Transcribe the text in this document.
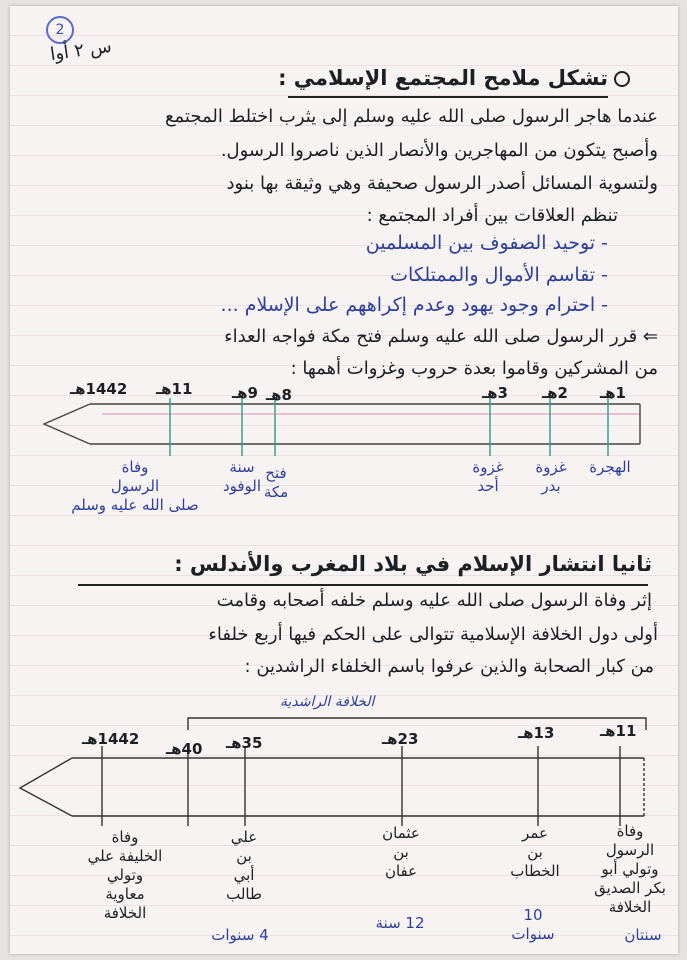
2
س ٢ أوا
تشكل ملامح المجتمع الإسلامي :
عندما هاجر الرسول صلى الله عليه وسلم إلى يثرب اختلط المجتمع
وأصبح يتكون من المهاجرين والأنصار الذين ناصروا الرسول.
ولتسوية المسائل أصدر الرسول صحيفة وهي وثيقة بها بنود
تنظم العلاقات بين أفراد المجتمع :
- توحيد الصفوف بين المسلمين
- تقاسم الأموال والممتلكات
- احترام وجود يهود وعدم إكراههم على الإسلام ...
⇐ قرر الرسول صلى الله عليه وسلم فتح مكة فواجه العداء
من المشركين وقاموا بعدة حروب وغزوات أهمها :
1442هـ 11هـ	9هـ 8هـ	3هـ 2هـ 1هـ
وفاة
الرسول
صلى الله عليه وسلم
سنة
الوفود
فتح
مكة
غزوة
أحد
غزوة
بدر
الهجرة
ثانيا انتشار الإسلام في بلاد المغرب والأندلس :
إثر وفاة الرسول صلى الله عليه وسلم خلفه أصحابه وقامت
أولى دول الخلافة الإسلامية تتوالى على الحكم فيها أربع خلفاء
من كبار الصحابة والذين عرفوا باسم الخلفاء الراشدين :
الخلافة الراشدية
1442هـ
40هـ 35هـ	23هـ	13هـ	11هـ
وفاة
الخليفة علي
وتولي
معاوية
الخلافة
علي
بن
أبي
طالب
عثمان
بن
عفان
عمر
بن
الخطاب
وفاة
الرسول
وتولي أبو
بكر الصديق
الخلافة
4 سنوات
12 سنة	10
سنوات	سنتان
